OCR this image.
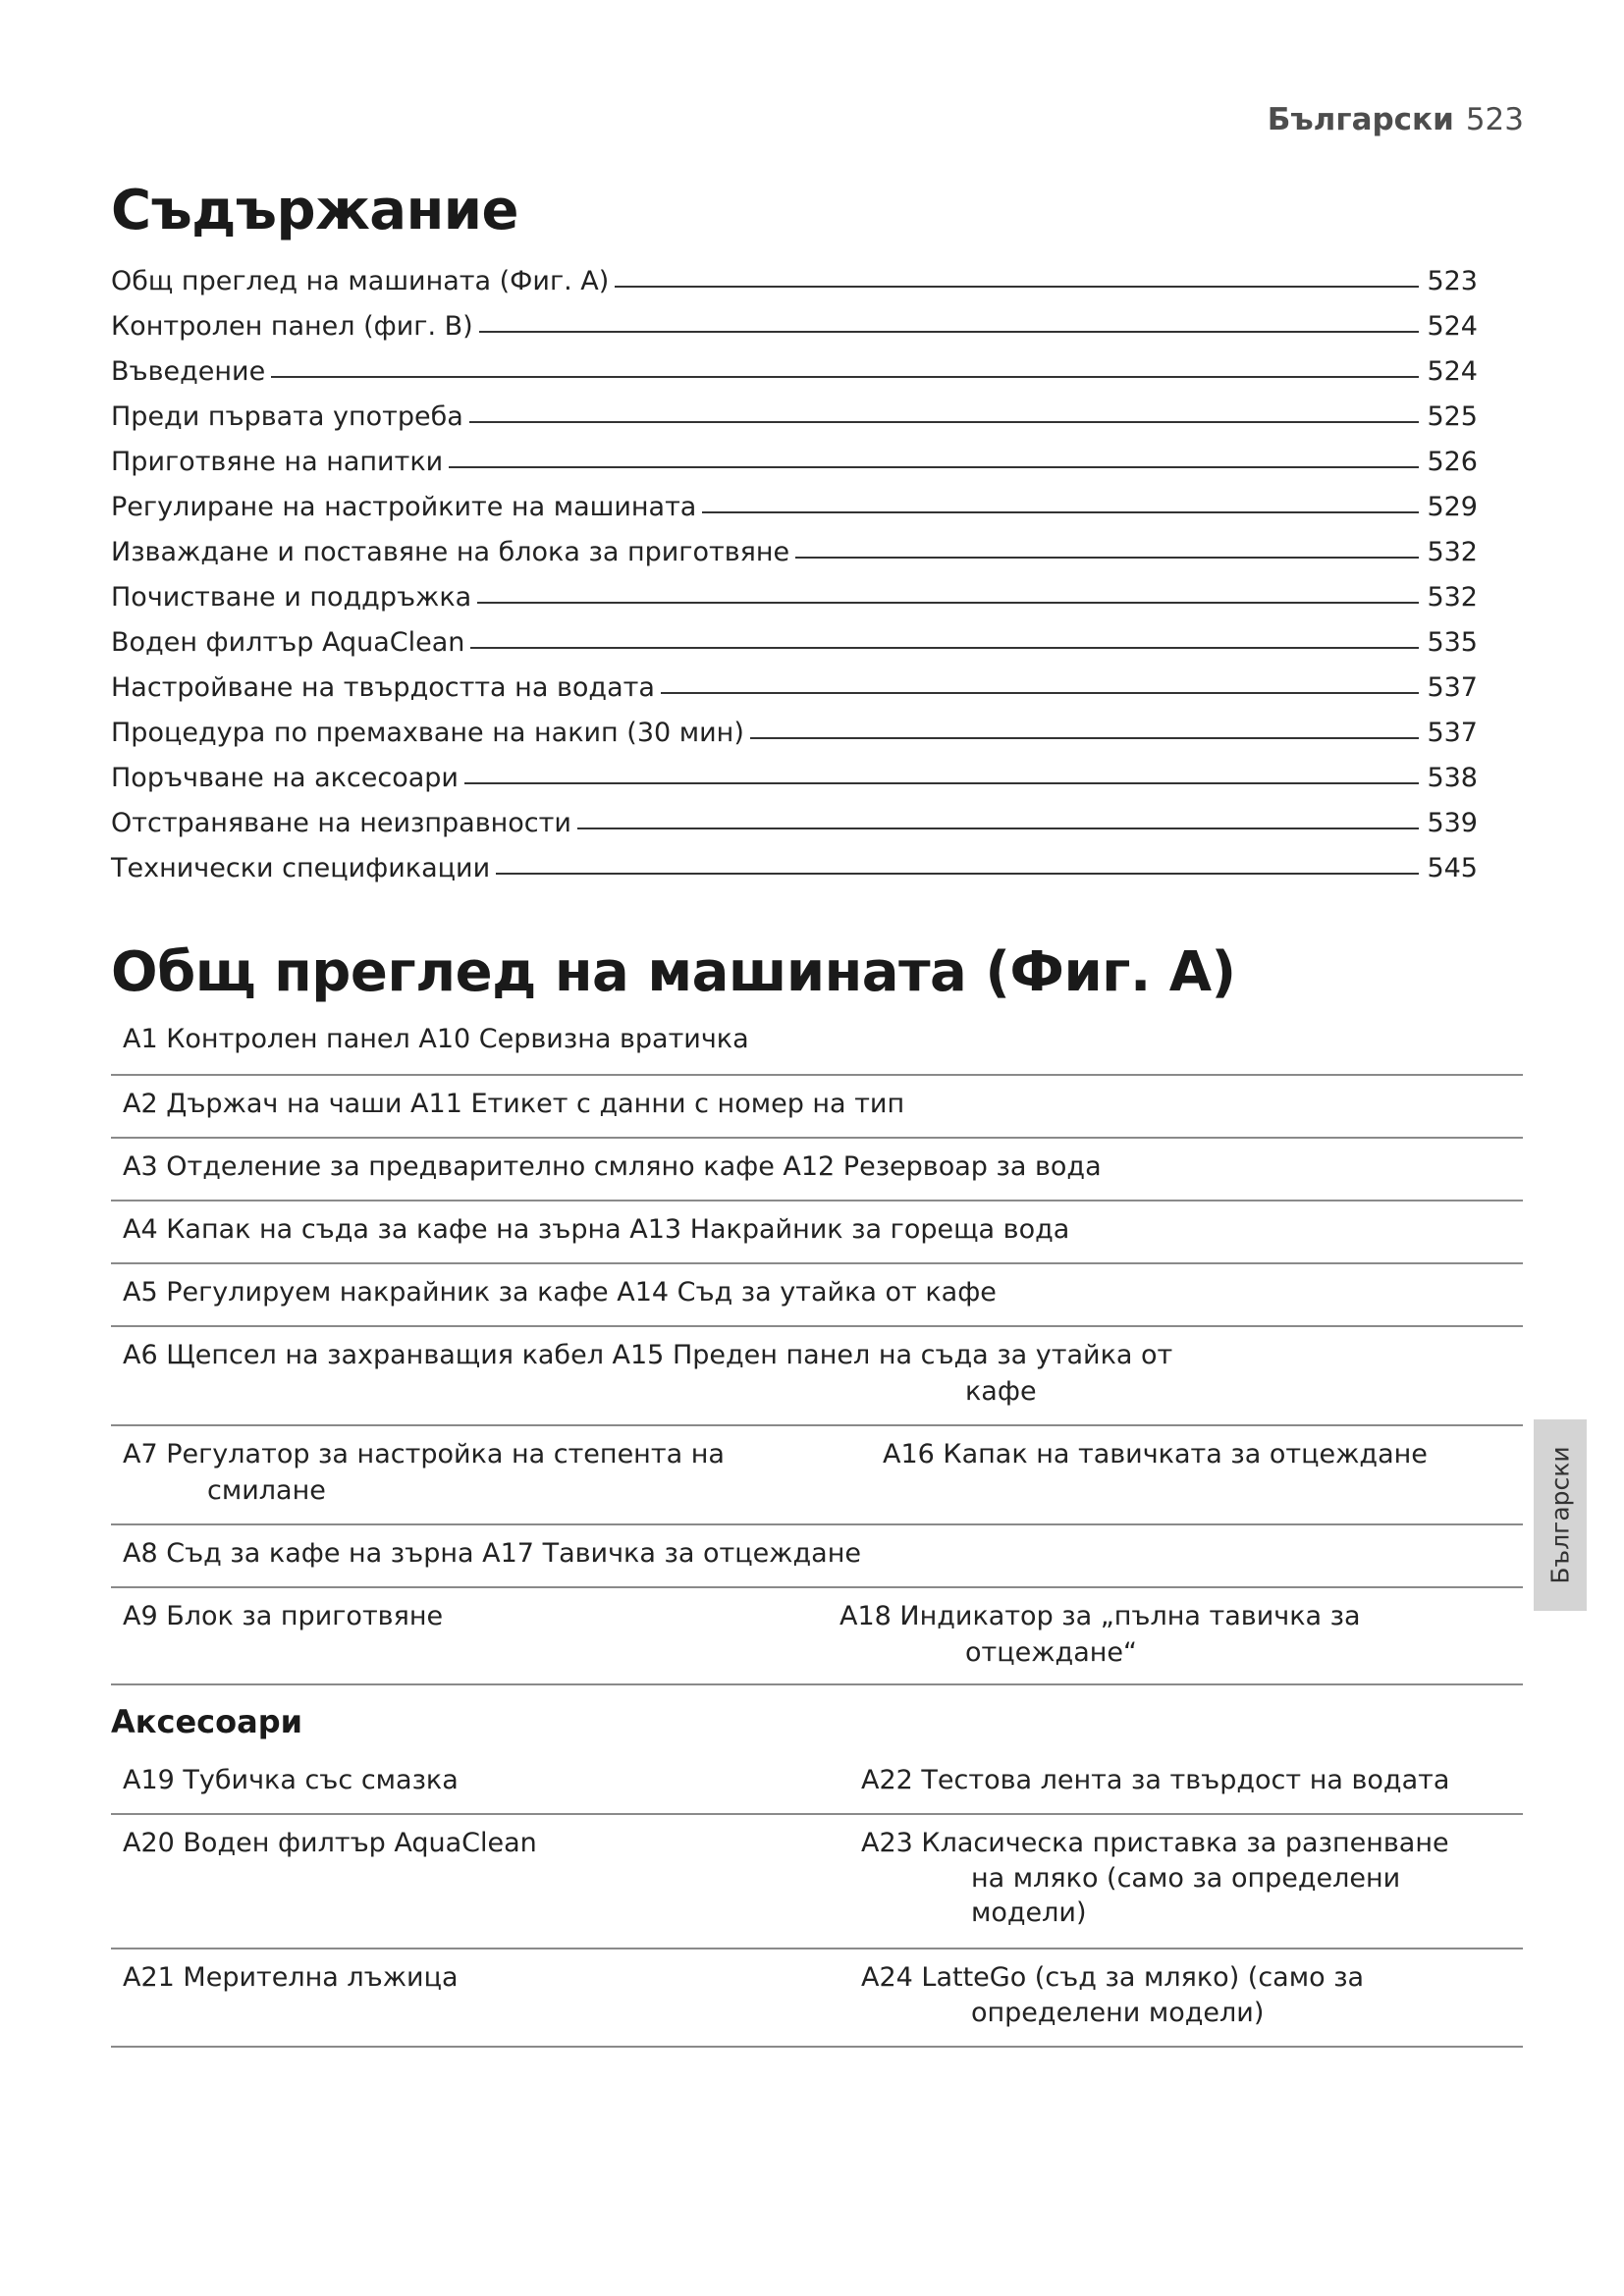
Български 523
Съдържание
Общ преглед на машината (Фиг. A)	523
Контролен панел (фиг. B)	524
Въведение	524
Преди първата употреба	525
Приготвяне на напитки	526
Регулиране на настройките на машината	529
Изваждане и поставяне на блока за приготвяне	532
Почистване и поддръжка	532
Воден филтър AquaClean	535
Настройване на твърдостта на водата	537
Процедура по премахване на накип (30 мин)	537
Поръчване на аксесоари	538
Отстраняване на неизправности	539
Технически спецификации	545
Общ преглед на машината (Фиг. A)
A1 Контролен панел A10 Сервизна вратичка
A2 Държач на чаши A11 Етикет с данни с номер на тип
A3 Отделение за предварително смляно кафе A12 Резервоар за вода
A4 Капак на съда за кафе на зърна A13 Накрайник за гореща вода
A5 Регулируем накрайник за кафе A14 Съд за утайка от кафе
A6 Щепсел на захранващия кабел A15 Преден панел на съда за утайка от
кафе
A7 Регулатор за настройка на степента на
смилане
A16 Капак на тавичката за отцеждане
A8 Съд за кафе на зърна A17 Тавичка за отцеждане
A9 Блок за приготвяне	A18 Индикатор за „пълна тавичка за
отцеждане“
Аксесоари
A19 Тубичка със смазка	A22 Тестова лента за твърдост на водата
A20 Воден филтър AquaClean	A23 Класическа приставка за разпенване
на мляко (само за определени
модели)
A21 Мерителна лъжица	A24 LatteGo (съд за мляко) (само за
определени модели)
Български
